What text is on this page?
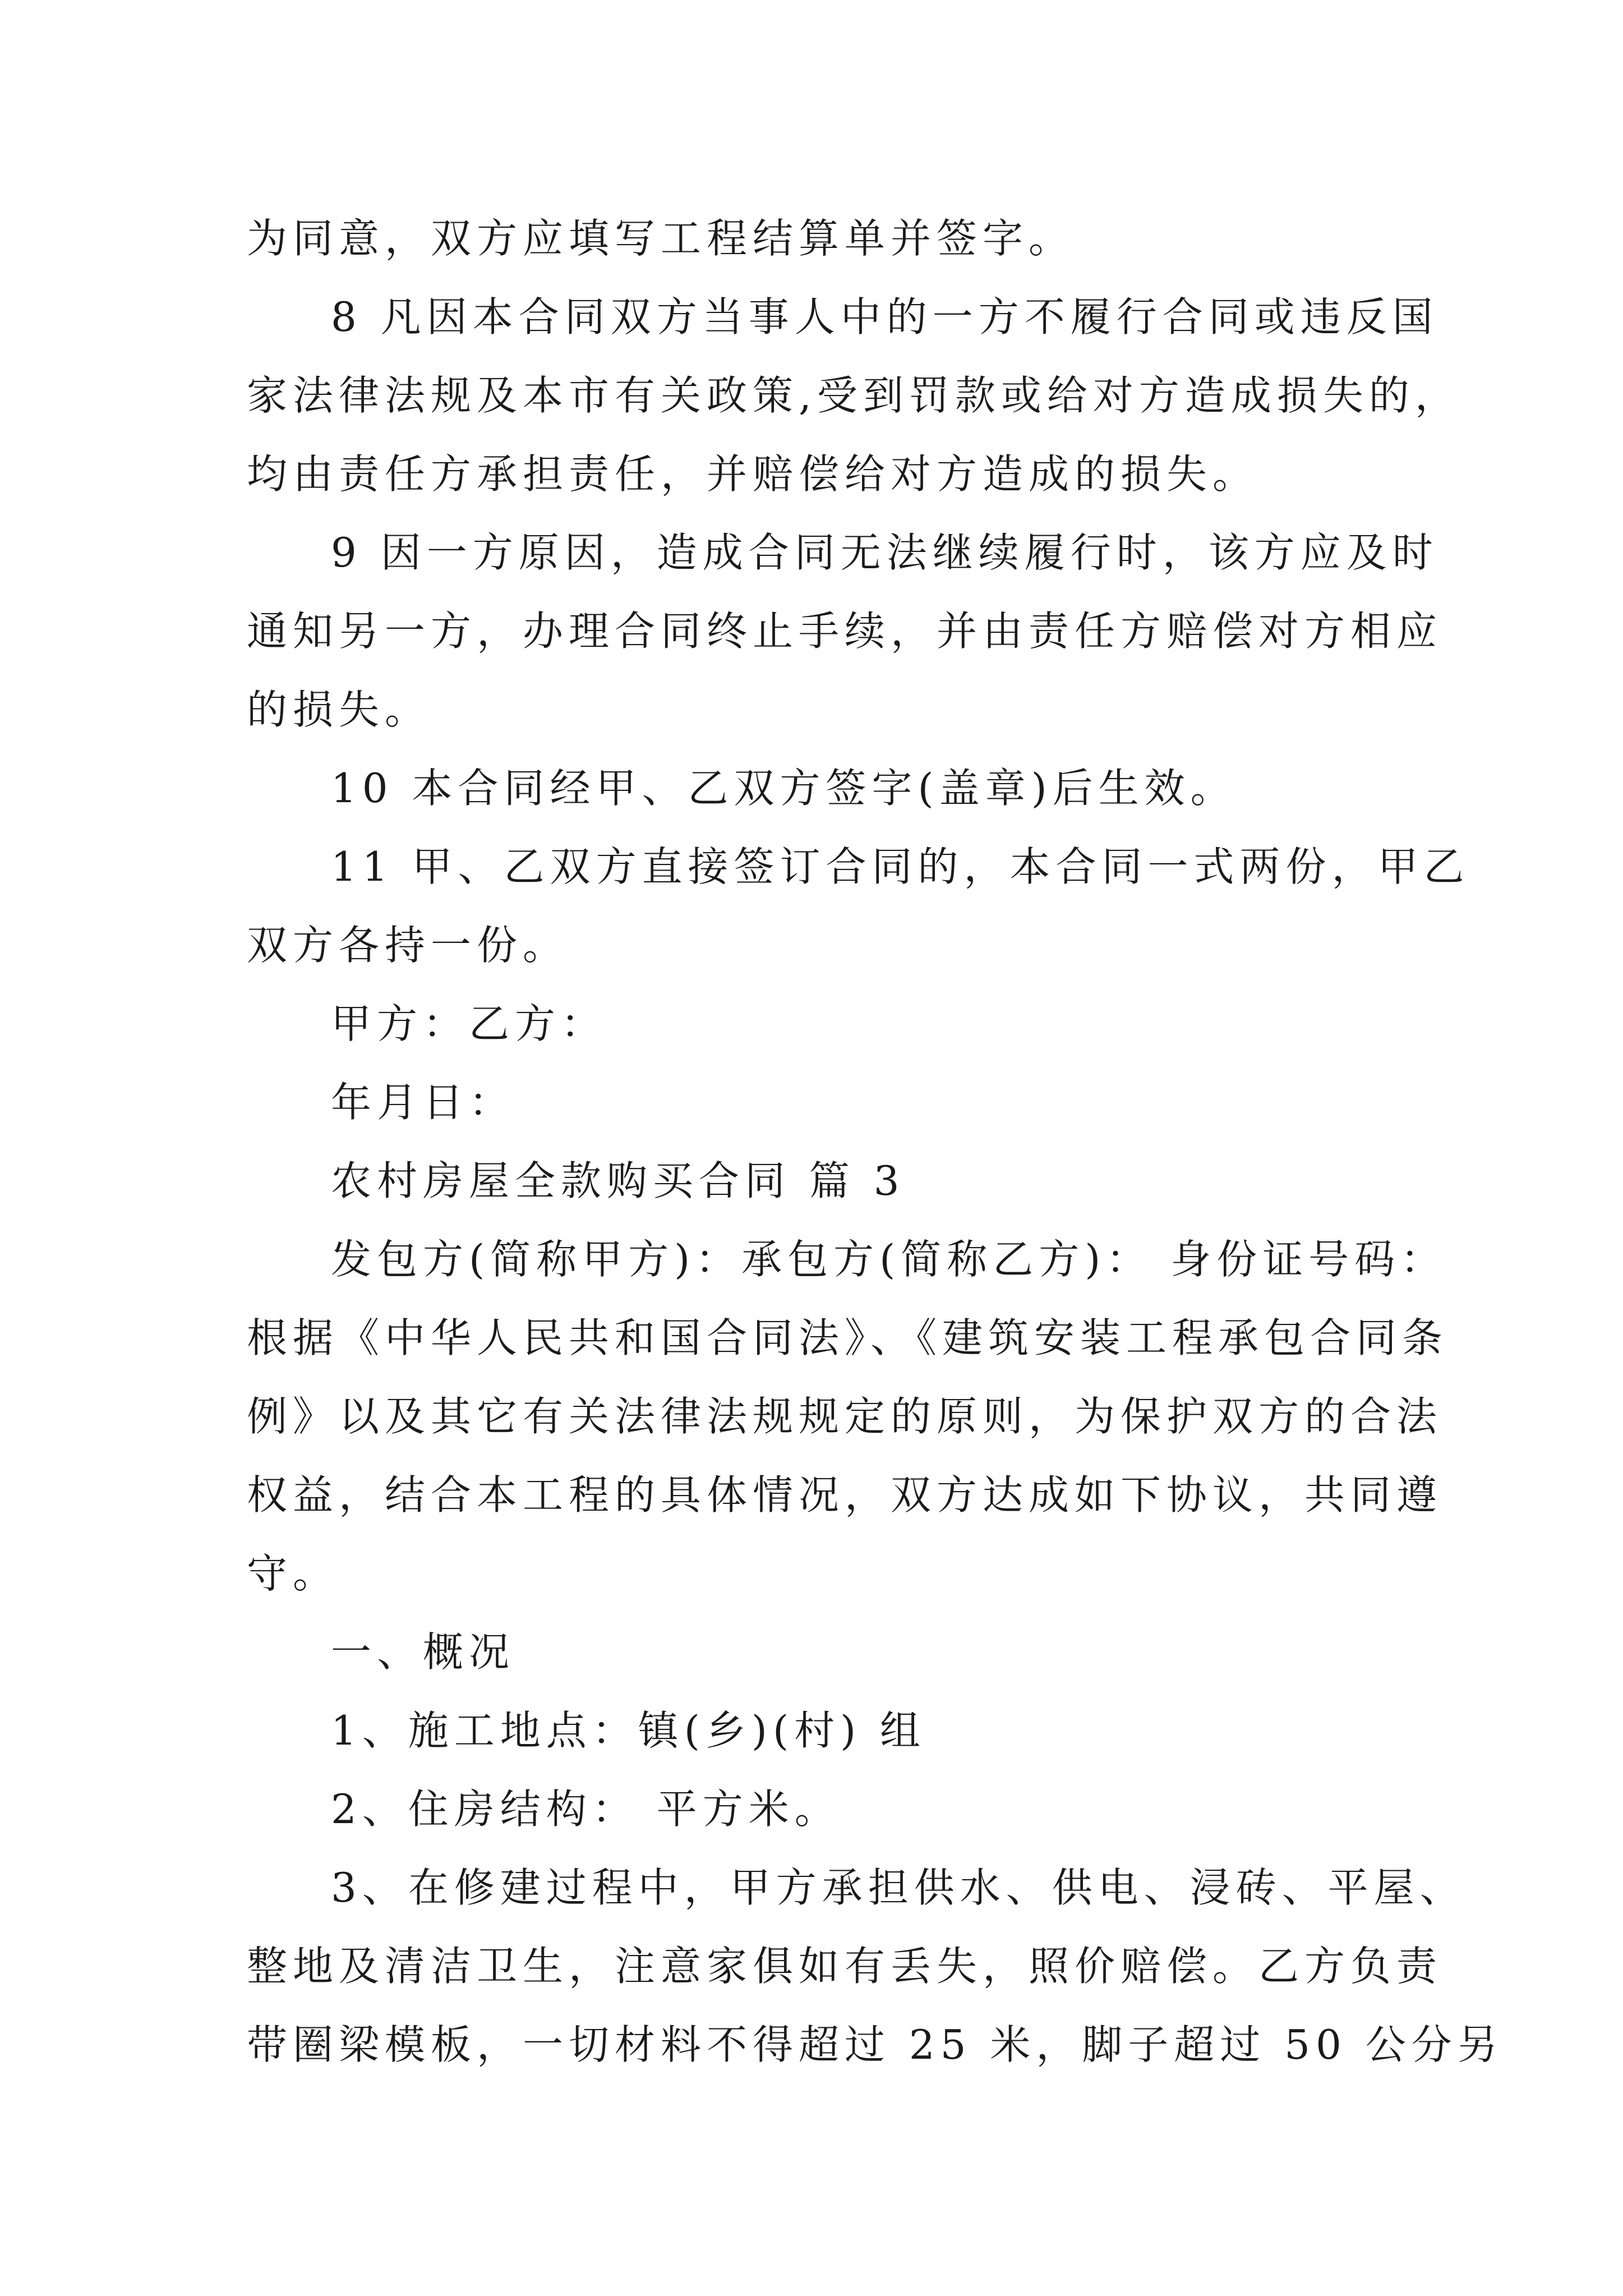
为同意，双方应填写工程结算单并签字。
8 凡因本合同双方当事人中的一方不履行合同或违反国
家法律法规及本市有关政策,受到罚款或给对方造成损失的，
均由责任方承担责任，并赔偿给对方造成的损失。
9 因一方原因，造成合同无法继续履行时，该方应及时
通知另一方，办理合同终止手续，并由责任方赔偿对方相应
的损失。
10 本合同经甲、乙双方签字(盖章)后生效。
11 甲、乙双方直接签订合同的，本合同一式两份，甲乙
双方各持一份。
甲方：乙方：
年月日：
农村房屋全款购买合同 篇 3
发包方(简称甲方)：承包方(简称乙方)： 身份证号码：
根据《中华人民共和国合同法》、《建筑安装工程承包合同条
例》以及其它有关法律法规规定的原则，为保护双方的合法
权益，结合本工程的具体情况，双方达成如下协议，共同遵
守。
一、概况
1、施工地点：镇(乡)(村) 组
2、住房结构： 平方米。
3、在修建过程中，甲方承担供水、供电、浸砖、平屋、
整地及清洁卫生，注意家俱如有丢失，照价赔偿。乙方负责
带圈梁模板，一切材料不得超过 25 米，脚子超过 50 公分另
